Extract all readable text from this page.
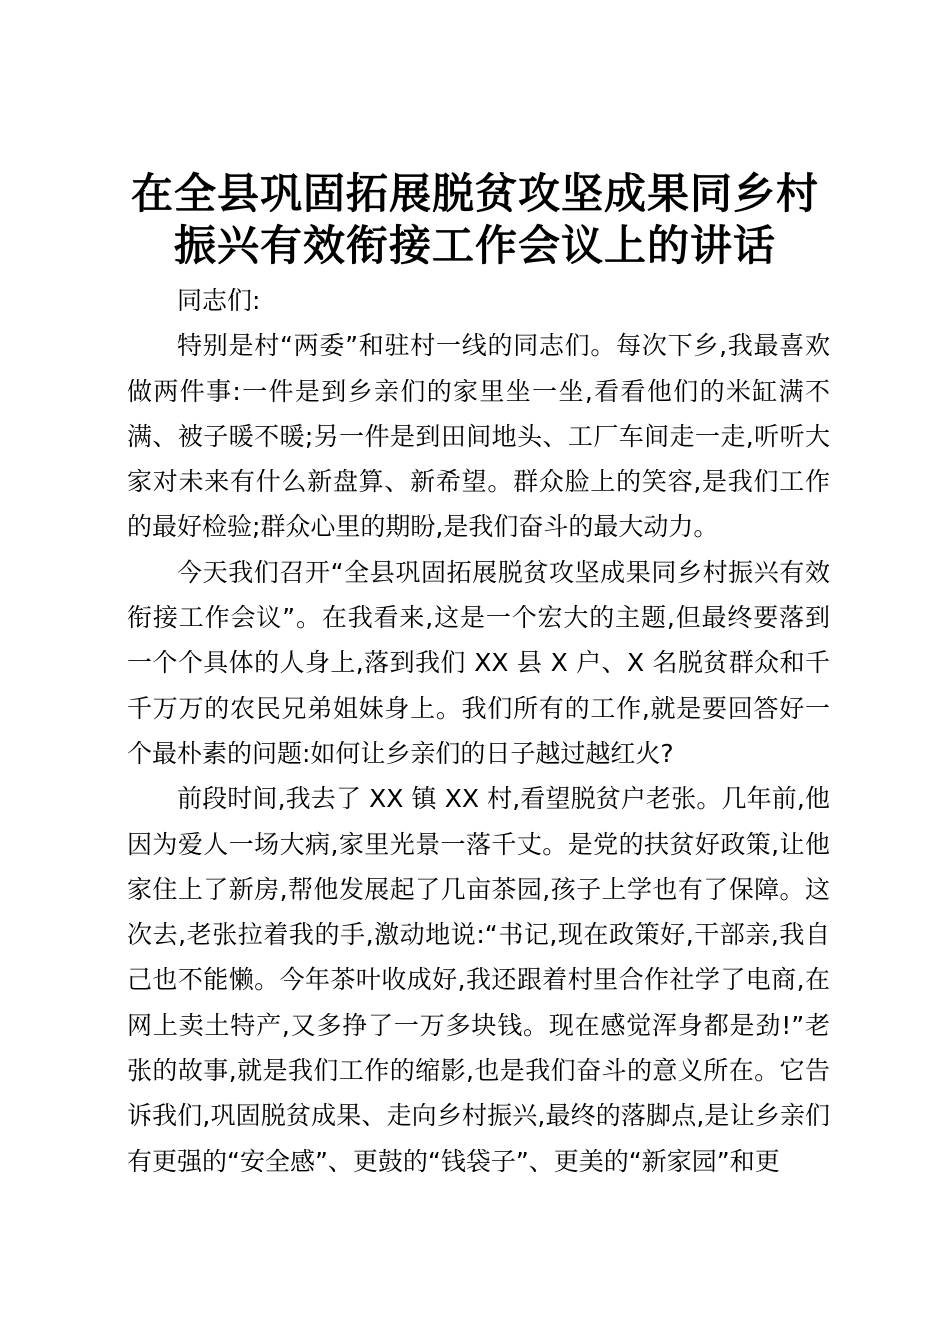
在全县巩固拓展脱贫攻坚成果同乡村振兴有效衔接工作会议上的讲话

同志们:

特别是村“两委”和驻村一线的同志们。每次下乡,我最喜欢做两件事:一件是到乡亲们的家里坐一坐,看看他们的米缸满不满、被子暖不暖;另一件是到田间地头、工厂车间走一走,听听大家对未来有什么新盘算、新希望。群众脸上的笑容,是我们工作的最好检验;群众心里的期盼,是我们奋斗的最大动力。

今天我们召开“全县巩固拓展脱贫攻坚成果同乡村振兴有效衔接工作会议”。在我看来,这是一个宏大的主题,但最终要落到一个个具体的人身上,落到我们 XX 县 X 户、X 名脱贫群众和千千万万的农民兄弟姐妹身上。我们所有的工作,就是要回答好一个最朴素的问题:如何让乡亲们的日子越过越红火?

前段时间,我去了 XX 镇 XX 村,看望脱贫户老张。几年前,他因为爱人一场大病,家里光景一落千丈。是党的扶贫好政策,让他家住上了新房,帮他发展起了几亩茶园,孩子上学也有了保障。这次去,老张拉着我的手,激动地说:“书记,现在政策好,干部亲,我自己也不能懒。今年茶叶收成好,我还跟着村里合作社学了电商,在网上卖土特产,又多挣了一万多块钱。现在感觉浑身都是劲!”老张的故事,就是我们工作的缩影,也是我们奋斗的意义所在。它告诉我们,巩固脱贫成果、走向乡村振兴,最终的落脚点,是让乡亲们有更强的“安全感”、更鼓的“钱袋子”、更美的“新家园”和更
